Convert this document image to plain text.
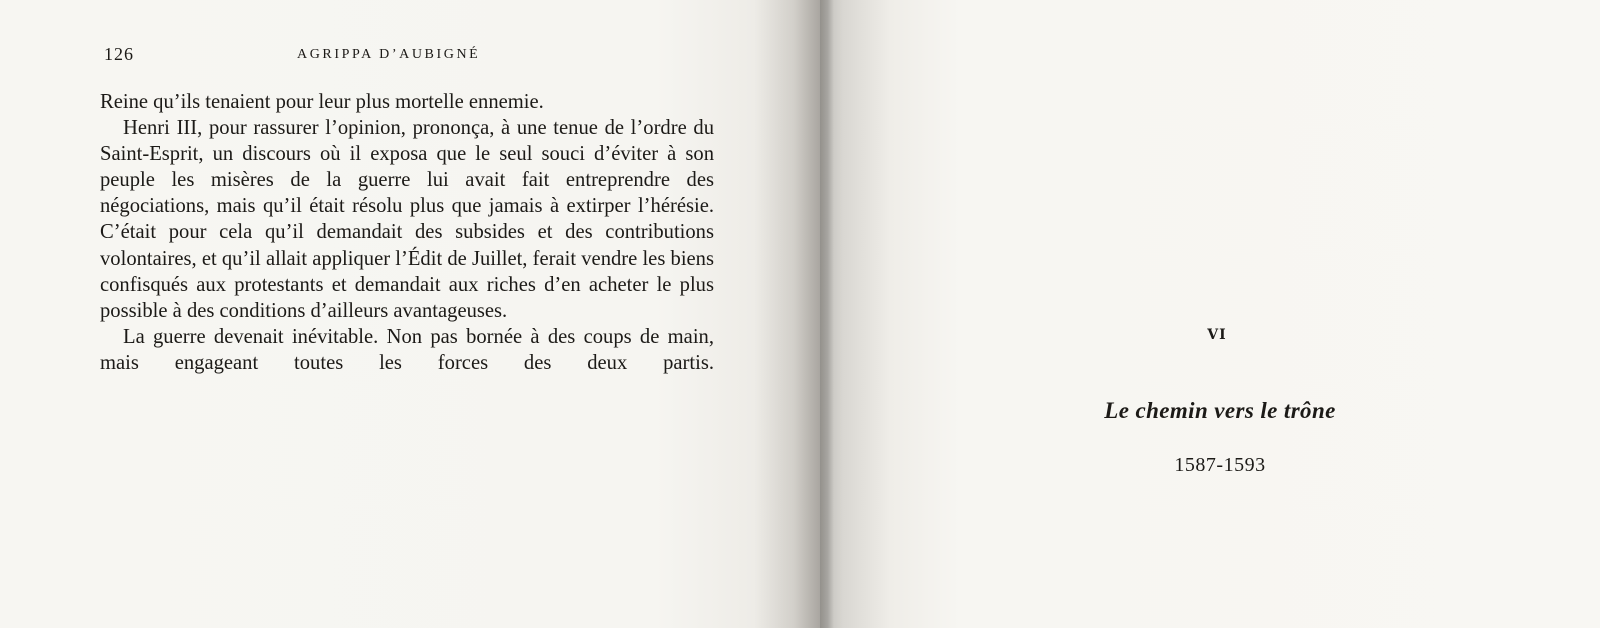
126	AGRIPPA D’AUBIGNÉ

Reine qu’ils tenaient pour leur plus mortelle ennemie.

Henri III, pour rassurer l’opinion, prononça, à une tenue de l’ordre du Saint-Esprit, un discours où il exposa que le seul souci d’éviter à son peuple les misères de la guerre lui avait fait entreprendre des négociations, mais qu’il était résolu plus que jamais à extirper l’hérésie. C’était pour cela qu’il demandait des subsides et des contributions volontaires, et qu’il allait appliquer l’Édit de Juillet, ferait vendre les biens confisqués aux protestants et demandait aux riches d’en acheter le plus possible à des conditions d’ailleurs avantageuses.

La guerre devenait inévitable. Non pas bornée à des coups de main, mais engageant toutes les forces des deux partis.

VI
Le chemin vers le trône
1587-1593
